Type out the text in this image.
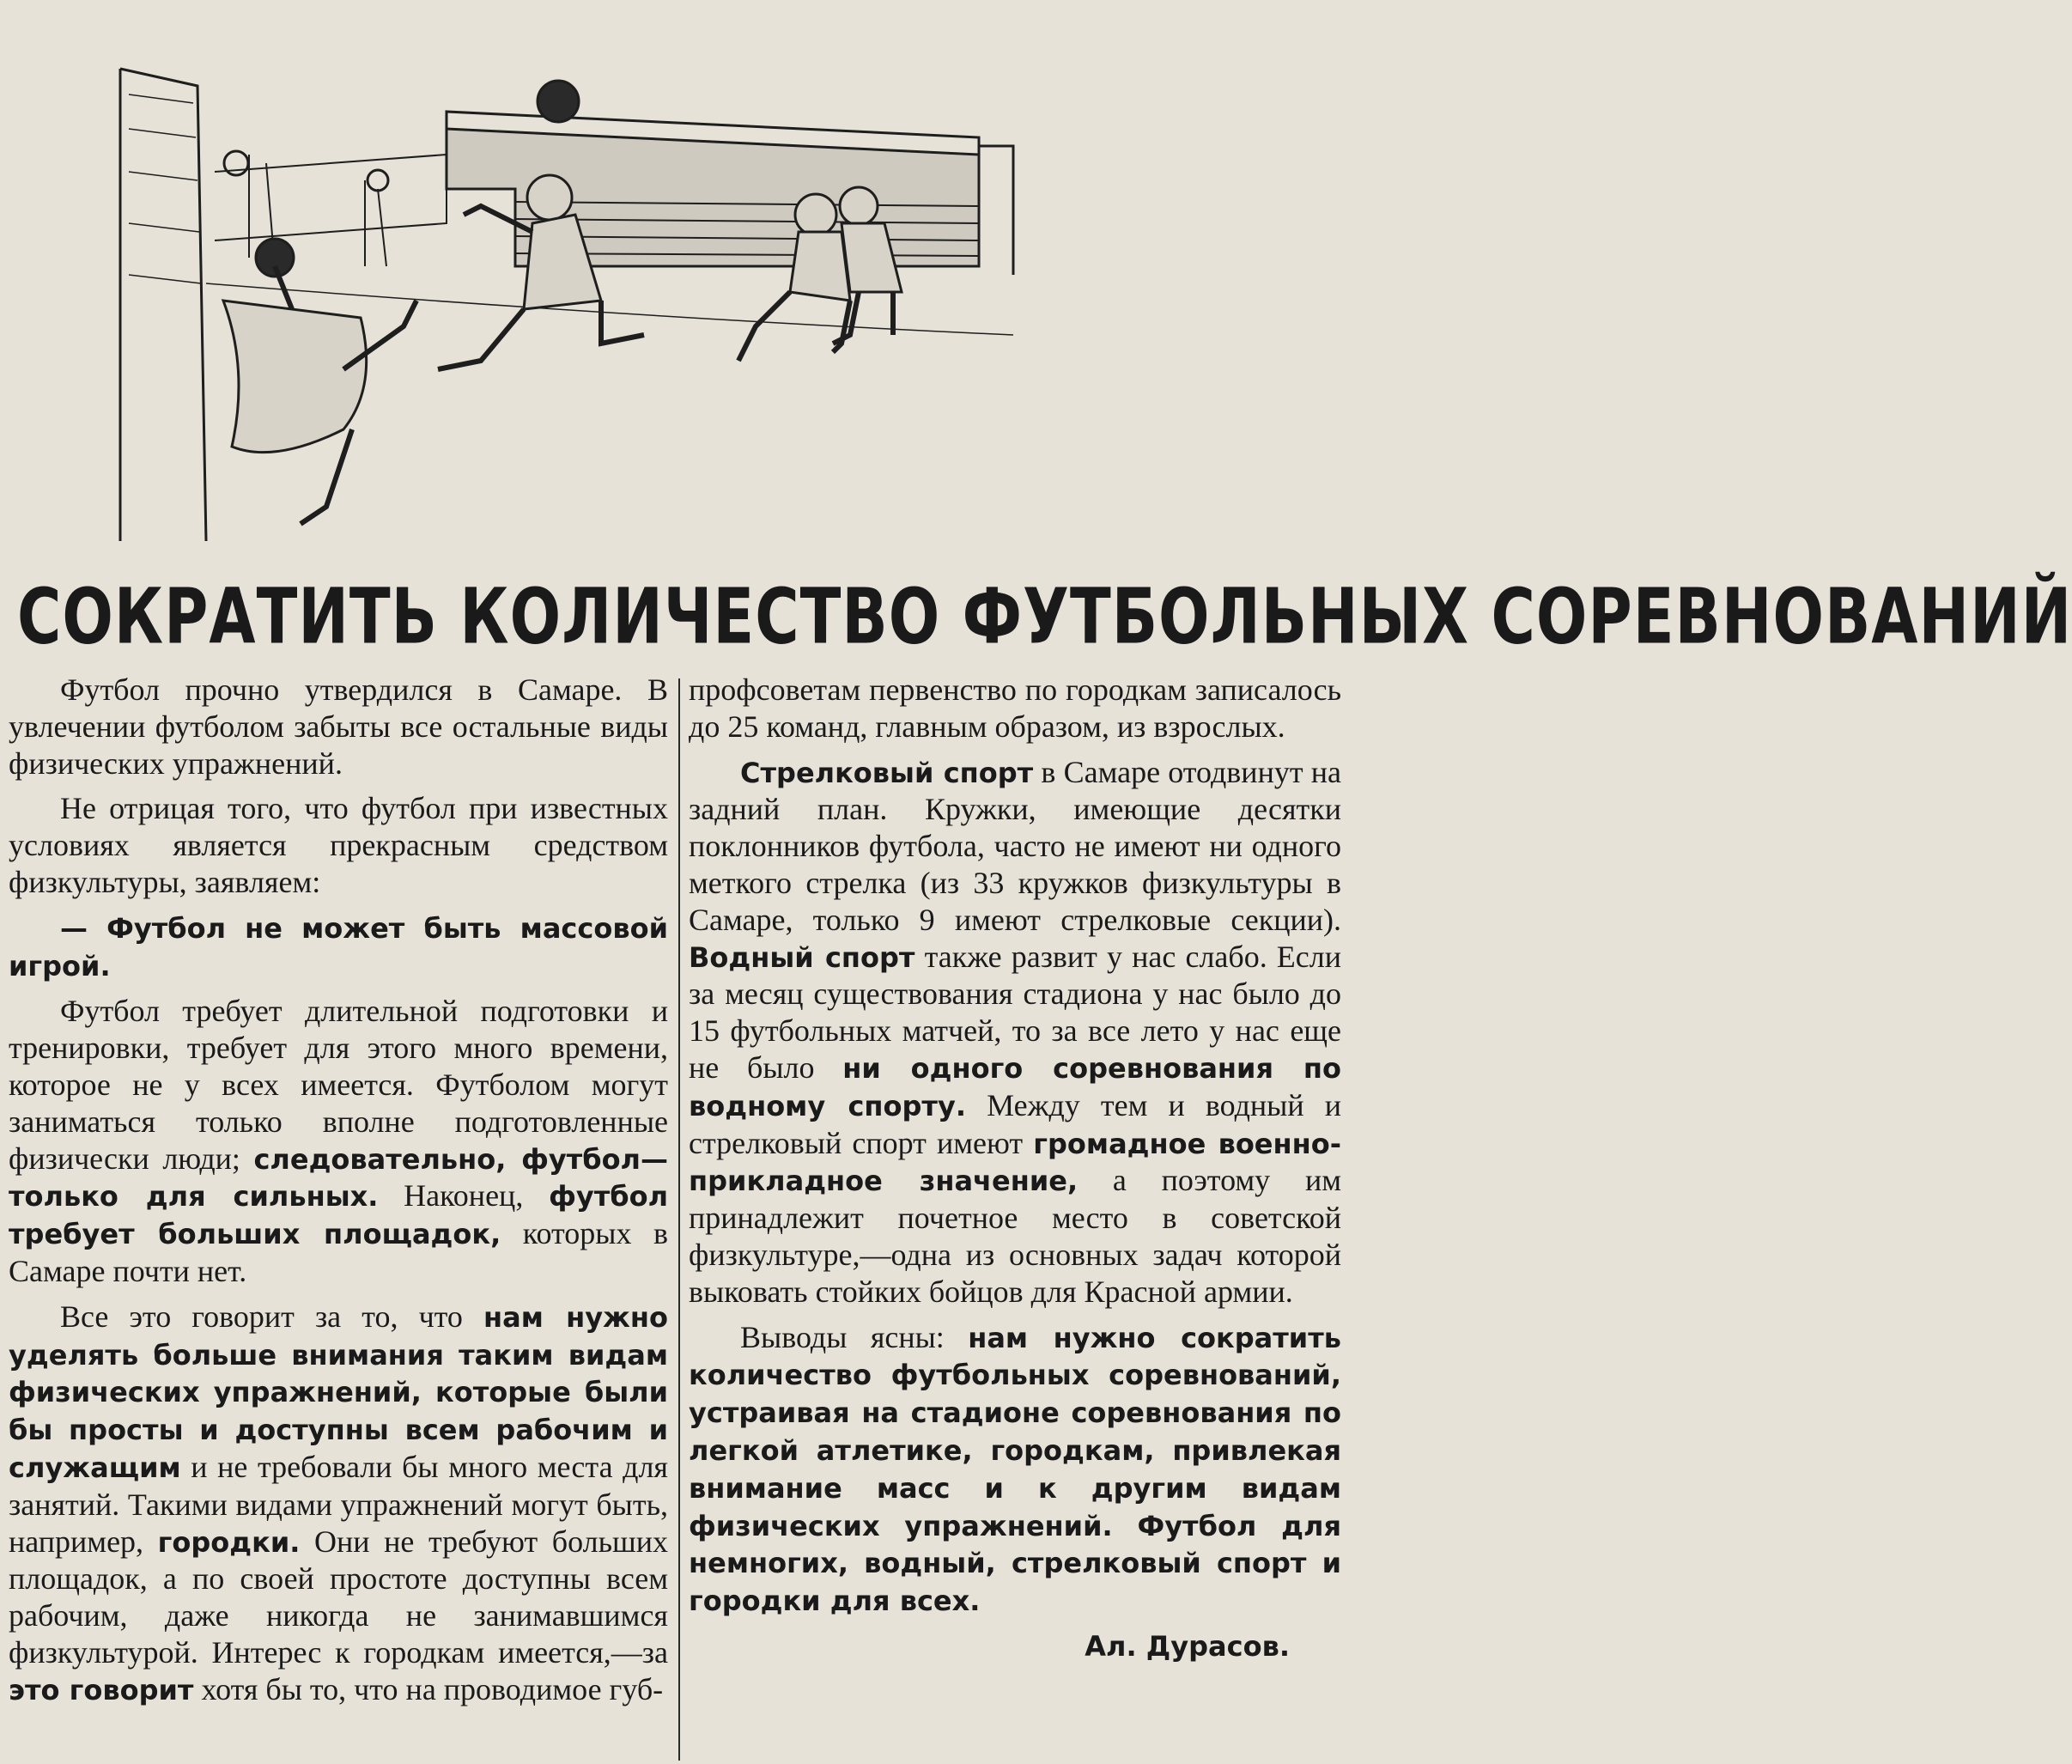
СОКРАТИТЬ КОЛИЧЕСТВО ФУТБОЛЬНЫХ СОРЕВНОВАНИЙ

Футбол прочно утвердился в Самаре. В увлечении футболом забыты все остальные виды физических упражнений.

Не отрицая того, что футбол при известных условиях является прекрасным средством физкультуры, заявляем:

— Футбол не может быть массовой игрой.

Футбол требует длительной подготовки и тренировки, требует для этого много времени, которое не у всех имеется. Футболом могут заниматься только вполне подготовленные физически люди; следовательно, футбол—только для сильных. Наконец, футбол требует больших площадок, которых в Самаре почти нет.

Все это говорит за то, что нам нужно уделять больше внимания таким видам физических упражнений, которые были бы просты и доступны всем рабочим и служащим и не требовали бы много места для занятий. Такими видами упражнений могут быть, например, городки. Они не требуют больших площадок, а по своей простоте доступны всем рабочим, даже никогда не занимавшимся физкультурой. Интерес к городкам имеется,—за это говорит хотя бы то, что на проводимое губ-

профсоветам первенство по городкам записалось до 25 команд, главным образом, из взрослых.

Стрелковый спорт в Самаре отодвинут на задний план. Кружки, имеющие десятки поклонников футбола, часто не имеют ни одного меткого стрелка (из 33 кружков физкультуры в Самаре, только 9 имеют стрелковые секции). Водный спорт также развит у нас слабо. Если за месяц существования стадиона у нас было до 15 футбольных матчей, то за все лето у нас еще не было ни одного соревнования по водному спорту. Между тем и водный и стрелковый спорт имеют громадное военно-прикладное значение, а поэтому им принадлежит почетное место в советской физкультуре,—одна из основных задач которой выковать стойких бойцов для Красной армии.

Выводы ясны: нам нужно сократить количество футбольных соревнований, устраивая на стадионе соревнования по легкой атлетике, городкам, привлекая внимание масс и к другим видам физических упражнений. Футбол для немногих, водный, стрелковый спорт и городки для всех.

Ал. Дурасов.
